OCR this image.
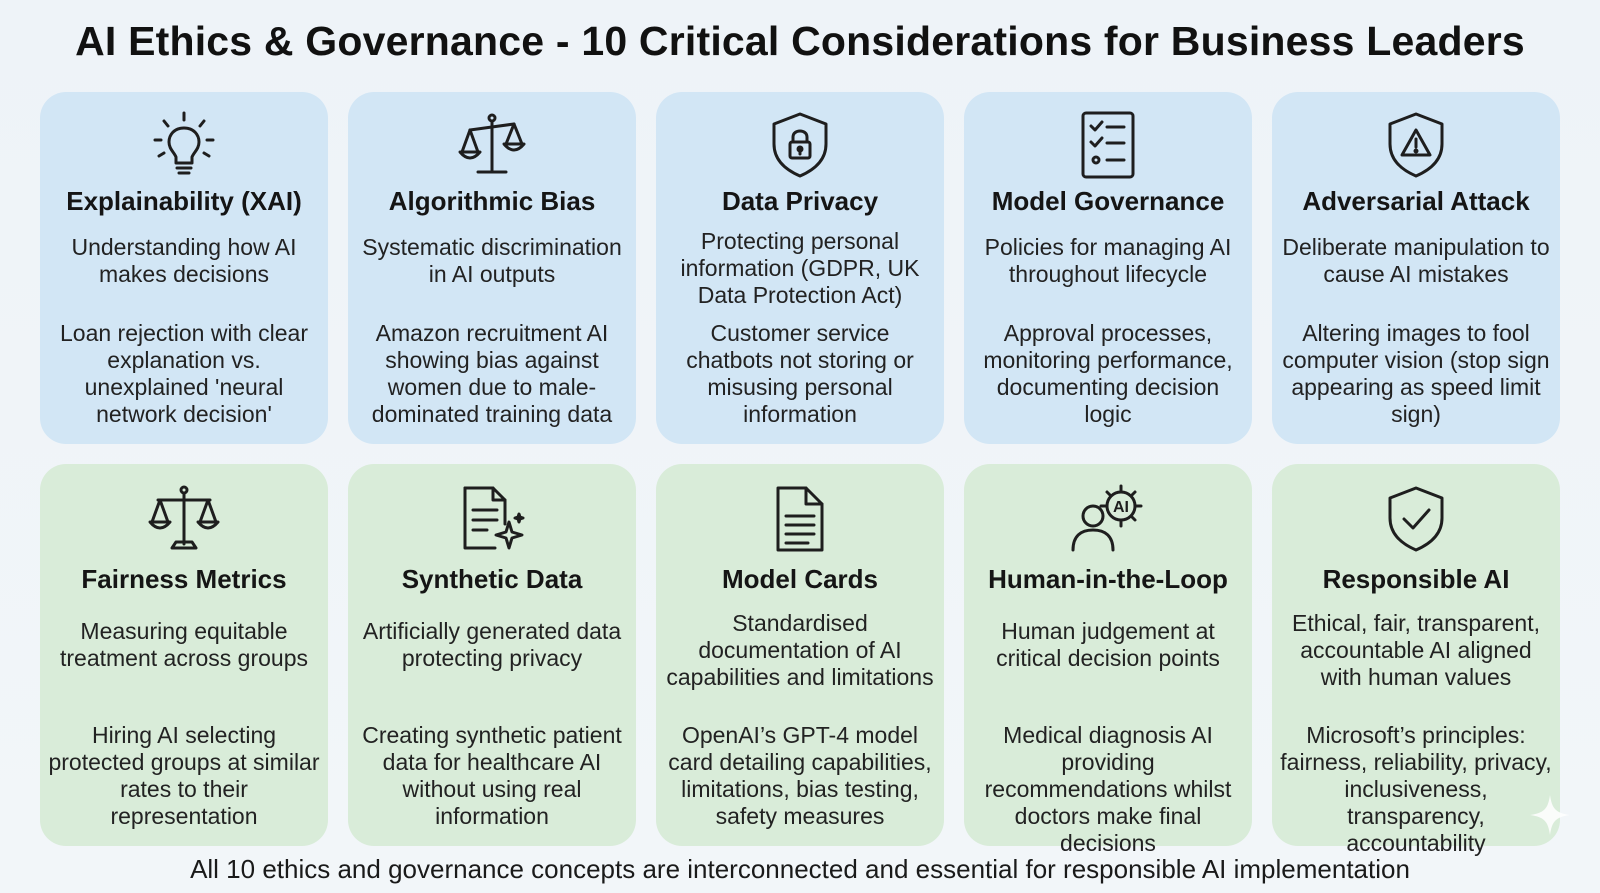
AI Ethics & Governance - 10 Critical Considerations for Business Leaders
Explainability (XAI)
Understanding how AI makes decisions
Loan rejection with clear explanation vs. unexplained 'neural network decision'
Algorithmic Bias
Systematic discrimination in AI outputs
Amazon recruitment AI showing bias against women due to male-dominated training data
Data Privacy
Protecting personal information (GDPR, UK Data Protection Act)
Customer service chatbots not storing or misusing personal information
Model Governance
Policies for managing AI throughout lifecycle
Approval processes, monitoring performance, documenting decision logic
Adversarial Attack
Deliberate manipulation to cause AI mistakes
Altering images to fool computer vision (stop sign appearing as speed limit sign)
Fairness Metrics
Measuring equitable treatment across groups
Hiring AI selecting protected groups at similar rates to their representation
Synthetic Data
Artificially generated data protecting privacy
Creating synthetic patient data for healthcare AI without using real information
Model Cards
Standardised documentation of AI capabilities and limitations
OpenAI’s GPT-4 model card detailing capabilities, limitations, bias testing, safety measures
AI
Human-in-the-Loop
Human judgement at critical decision points
Medical diagnosis AI providing recommendations whilst doctors make final decisions
Responsible AI
Ethical, fair, transparent, accountable AI aligned with human values
Microsoft’s principles: fairness, reliability, privacy, inclusiveness, transparency, accountability
All 10 ethics and governance concepts are interconnected and essential for responsible AI implementation
